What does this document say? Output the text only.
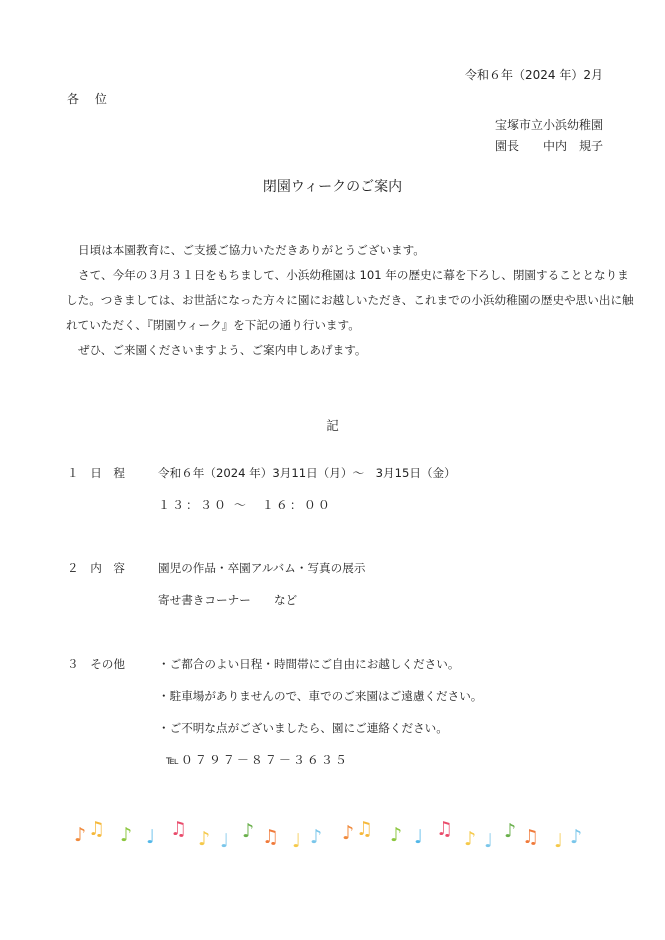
令和６年（2024 年）2月
各 位
宝塚市立小浜幼稚園
園長　　中内　規子
閉園ウィークのご案内

日頃は本園教育に、ご支援ご協力いただきありがとうございます。

さて、今年の３月３１日をもちまして、小浜幼稚園は 101 年の歴史に幕を下ろし、閉園することとなりま

した。つきましては、お世話になった方々に園にお越しいただき、これまでの小浜幼稚園の歴史や思い出に触

れていただく、『閉園ウィーク』を下記の通り行います。

ぜひ、ご来園くださいますよう、ご案内申しあげます。

記
１　日　程	令和６年（2024 年）3月11日（月）～　3月15日（金）
１３：３０ ～　１６：００
２　内　容	園児の作品・卒園アルバム・写真の展示
寄せ書きコーナー　　など
３　その他	・ご都合のよい日程・時間帯にご自由にお越しください。
・駐車場がありませんので、車でのご来園はご遠慮ください。
・ご不明な点がございましたら、園にご連絡ください。
℡０７９７－８７－３６３５
♪ ♫ ♪ ♩ ♫ ♪ ♩ ♪ ♫ ♩ ♪ ♪ ♫ ♪ ♩ ♫ ♪ ♩ ♪ ♫ ♩ ♪
